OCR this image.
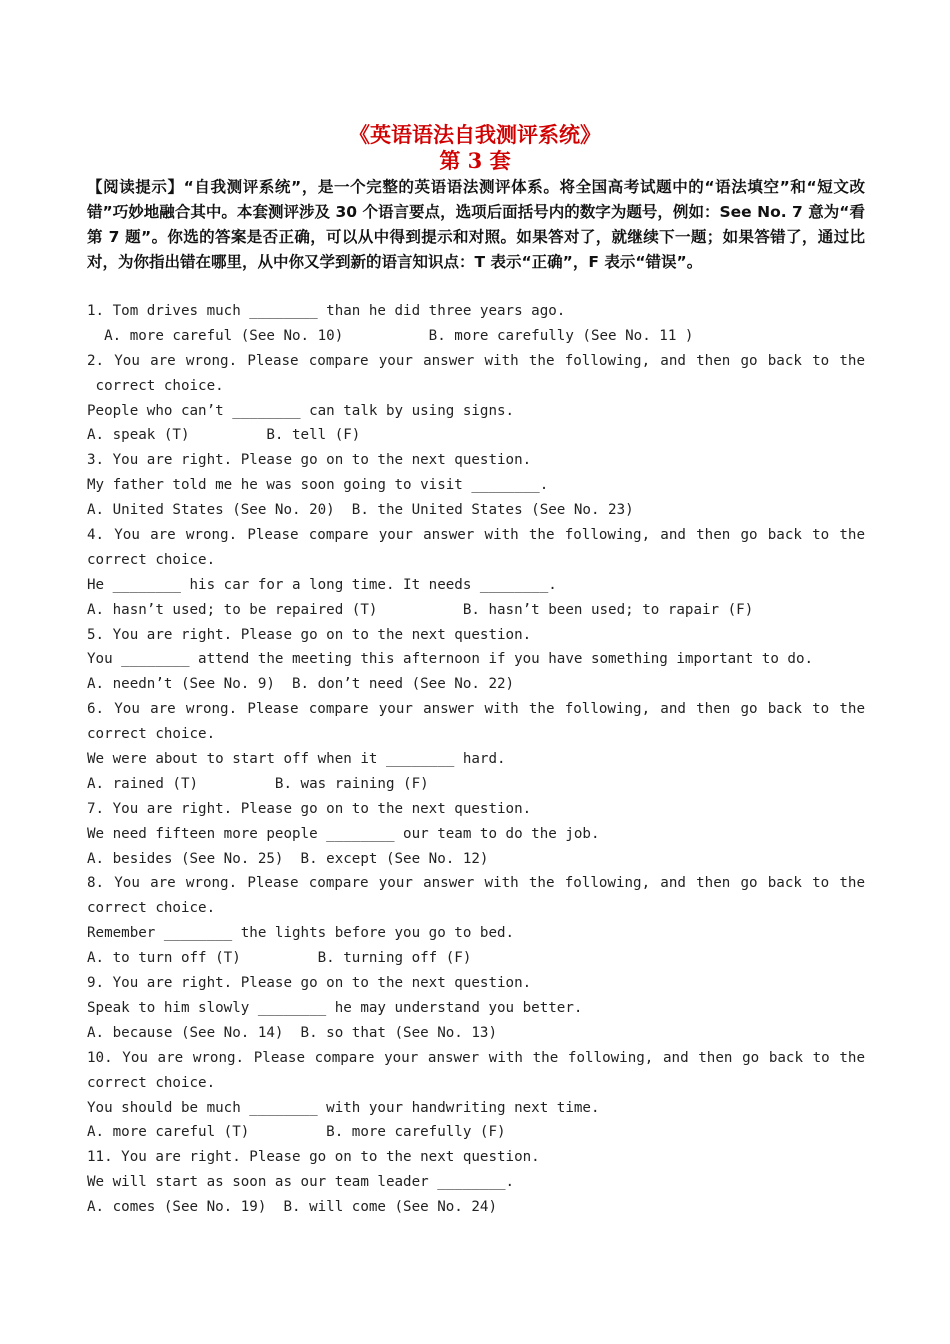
《英语语法自我测评系统》
第 3 套
【阅读提示】“自我测评系统”，是一个完整的英语语法测评体系。将全国高考试题中的“语法填空”和“短文改错”巧妙地融合其中。本套测评涉及 30 个语言要点，选项后面括号内的数字为题号，例如：See No. 7 意为“看第 7 题”。你选的答案是否正确，可以从中得到提示和对照。如果答对了，就继续下一题；如果答错了，通过比对，为你指出错在哪里，从中你又学到新的语言知识点：T 表示“正确”，F 表示“错误”。
1. Tom drives much ________ than he did three years ago.
A. more careful (See No. 10)          B. more carefully (See No. 11 )
2. You are wrong. Please compare your answer with the following, and then go back to the
correct choice.
People who can’t ________ can talk by using signs.
A. speak (T)         B. tell (F)
3. You are right. Please go on to the next question.
My father told me he was soon going to visit ________.
A. United States (See No. 20)  B. the United States (See No. 23)
4. You are wrong. Please compare your answer with the following, and then go back to the
correct choice.
He ________ his car for a long time. It needs ________.
A. hasn’t used; to be repaired (T)          B. hasn’t been used; to rapair (F)
5. You are right. Please go on to the next question.
You ________ attend the meeting this afternoon if you have something important to do.
A. needn’t (See No. 9)  B. don’t need (See No. 22)
6. You are wrong. Please compare your answer with the following, and then go back to the
correct choice.
We were about to start off when it ________ hard.
A. rained (T)         B. was raining (F)
7. You are right. Please go on to the next question.
We need fifteen more people ________ our team to do the job.
A. besides (See No. 25)  B. except (See No. 12)
8. You are wrong. Please compare your answer with the following, and then go back to the
correct choice.
Remember ________ the lights before you go to bed.
A. to turn off (T)         B. turning off (F)
9. You are right. Please go on to the next question.
Speak to him slowly ________ he may understand you better.
A. because (See No. 14)  B. so that (See No. 13)
10. You are wrong. Please compare your answer with the following, and then go back to the
correct choice.
You should be much ________ with your handwriting next time.
A. more careful (T)         B. more carefully (F)
11. You are right. Please go on to the next question.
We will start as soon as our team leader ________.
A. comes (See No. 19)  B. will come (See No. 24)
